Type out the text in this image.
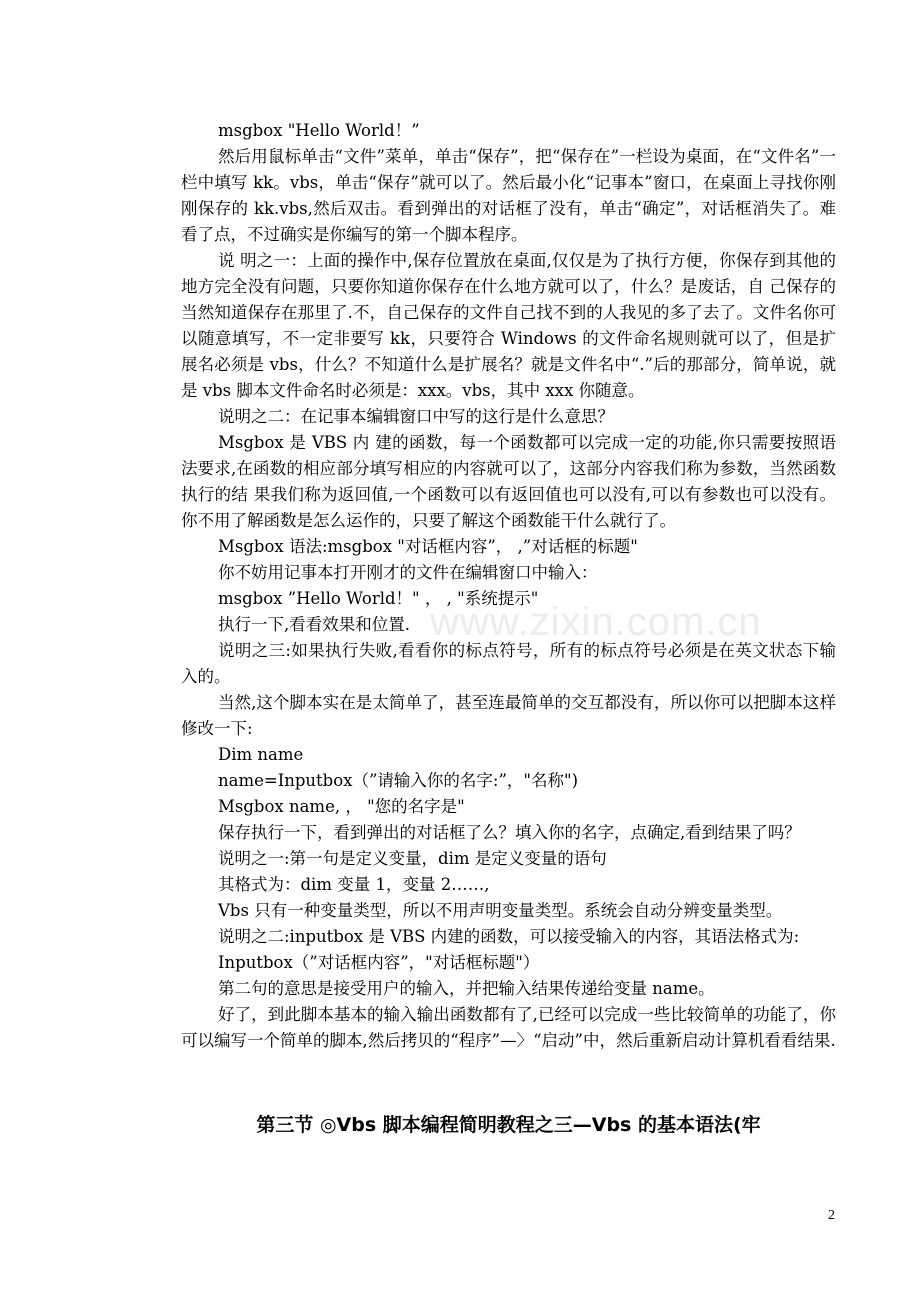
www.zixin.com.cn

msgbox "Hello World！”

然后用鼠标单击“文件”菜单，单击“保存”，把“保存在”一栏设为桌面，在“文件名”一栏中填写 kk。vbs，单击“保存”就可以了。然后最小化“记事本”窗口，在桌面上寻找你刚刚保存的 kk.vbs,然后双击。看到弹出的对话框了没有，单击“确定”，对话框消失了。难看了点，不过确实是你编写的第一个脚本程序。

说 明之一：上面的操作中,保存位置放在桌面,仅仅是为了执行方便，你保存到其他的地方完全没有问题，只要你知道你保存在什么地方就可以了，什么？是废话，自 己保存的当然知道保存在那里了.不，自己保存的文件自己找不到的人我见的多了去了。文件名你可以随意填写，不一定非要写 kk，只要符合 Windows 的文件命名规则就可以了，但是扩展名必须是 vbs，什么？不知道什么是扩展名？就是文件名中“.”后的那部分，简单说，就是 vbs 脚本文件命名时必须是：xxx。vbs，其中 xxx 你随意。

说明之二：在记事本编辑窗口中写的这行是什么意思？

Msgbox 是 VBS 内 建的函数，每一个函数都可以完成一定的功能,你只需要按照语法要求,在函数的相应部分填写相应的内容就可以了，这部分内容我们称为参数，当然函数执行的结 果我们称为返回值,一个函数可以有返回值也可以没有,可以有参数也可以没有。你不用了解函数是怎么运作的，只要了解这个函数能干什么就行了。

Msgbox 语法:msgbox "对话框内容”， ,”对话框的标题"

你不妨用记事本打开刚才的文件在编辑窗口中输入：

msgbox ”Hello World！" ， , "系统提示"

执行一下,看看效果和位置.

说明之三:如果执行失败,看看你的标点符号，所有的标点符号必须是在英文状态下输入的。

当然,这个脚本实在是太简单了，甚至连最简单的交互都没有，所以你可以把脚本这样修改一下:

Dim name

name=Inputbox（”请输入你的名字:”，"名称")

Msgbox name, ， "您的名字是"

保存执行一下，看到弹出的对话框了么？填入你的名字，点确定,看到结果了吗？

说明之一:第一句是定义变量，dim 是定义变量的语句

其格式为：dim 变量 1，变量 2……,

Vbs 只有一种变量类型，所以不用声明变量类型。系统会自动分辨变量类型。

说明之二:inputbox 是 VBS 内建的函数，可以接受输入的内容，其语法格式为:

Inputbox（”对话框内容”，"对话框标题"）

第二句的意思是接受用户的输入，并把输入结果传递给变量 name。

好了，到此脚本基本的输入输出函数都有了,已经可以完成一些比较简单的功能了，你可以编写一个简单的脚本,然后拷贝的“程序”—〉“启动”中，然后重新启动计算机看看结果.

第三节 ◎Vbs 脚本编程简明教程之三—Vbs 的基本语法(牢
2
